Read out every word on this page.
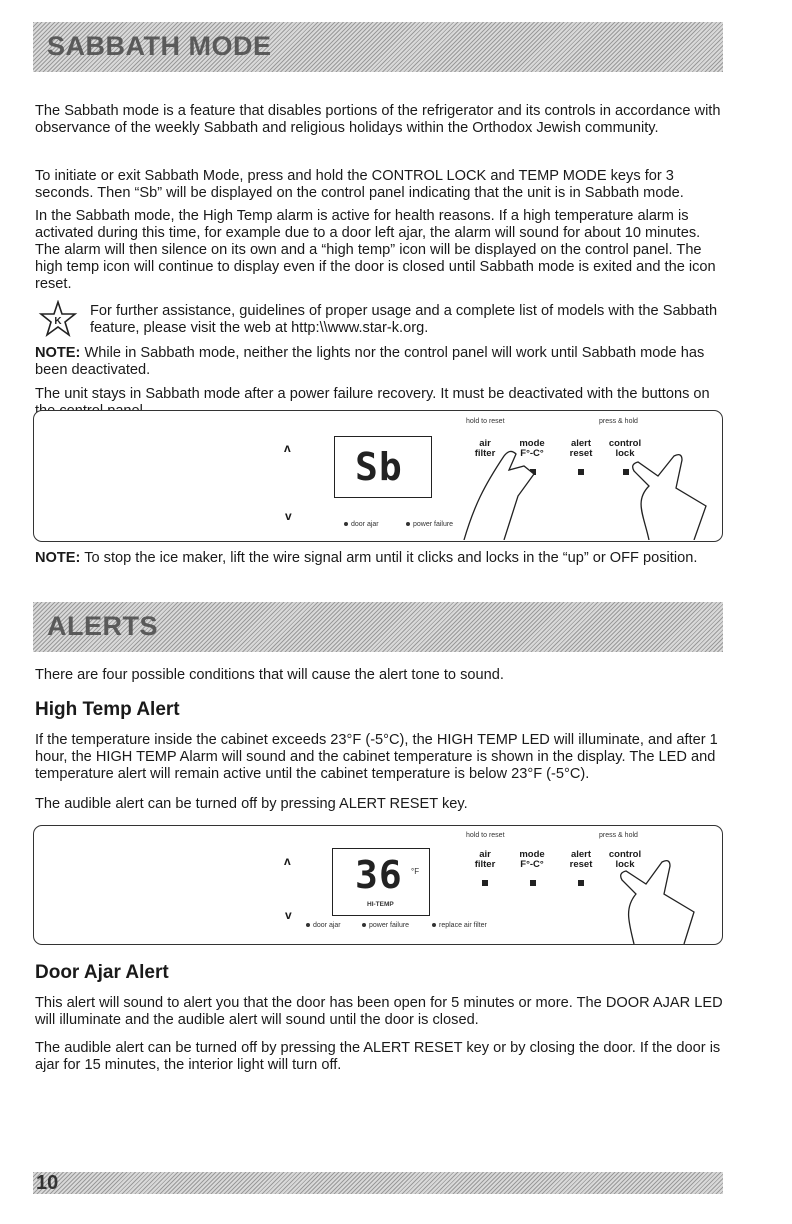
SABBATH MODE

The Sabbath mode is a feature that disables portions of the refrigerator and its controls in accordance with observance of the weekly Sabbath and religious holidays within the Orthodox Jewish community.

To initiate or exit Sabbath Mode, press and hold the CONTROL LOCK and TEMP MODE keys for 3 seconds. Then “Sb” will be displayed on the control panel indicating that the unit is in Sabbath mode.

In the Sabbath mode, the High Temp alarm is active for health reasons. If a high temperature alarm is activated during this time, for example due to a door left ajar, the alarm will sound for about 10 minutes. The alarm will then silence on its own and a “high temp” icon will be displayed on the control panel. The high temp icon will continue to display even if the door is closed until Sabbath mode is exited and the icon reset.

K

For further assistance, guidelines of proper usage and a complete list of models with the Sabbath feature, please visit the web at http:\\www.star-k.org.

NOTE: While in Sabbath mode, neither the lights nor the control panel will work until Sabbath mode has been deactivated.

The unit stays in Sabbath mode after a power failure recovery. It must be deactivated with the buttons on

ʌ
v
Sb
hold to reset	press & hold
air filter
mode F°-C°
alert reset
control lock
door ajar	power failure

NOTE: To stop the ice maker, lift the wire signal arm until it clicks and locks in the “up” or OFF position.

ALERTS

There are four possible conditions that will cause the alert tone to sound.

High Temp Alert

If the temperature inside the cabinet exceeds 23°F (-5°C), the HIGH TEMP LED will illuminate, and after 1 hour, the HIGH TEMP Alarm will sound and the cabinet temperature is shown in the display. The LED and temperature alert will remain active until the cabinet temperature is below 23°F (-5°C).

The audible alert can be turned off by pressing ALERT RESET key.

ʌ
v
36 °F
HI-TEMP
hold to reset	press & hold
air filter
mode F°-C°
alert reset
control lock
door ajar	power failure	replace air filter
Door Ajar Alert

This alert will sound to alert you that the door has been open for 5 minutes or more. The DOOR AJAR LED will illuminate and the audible alert will sound until the door is closed.

The audible alert can be turned off by pressing the ALERT RESET key or by closing the door. If the door is ajar for 15 minutes, the interior light will turn off.

10
